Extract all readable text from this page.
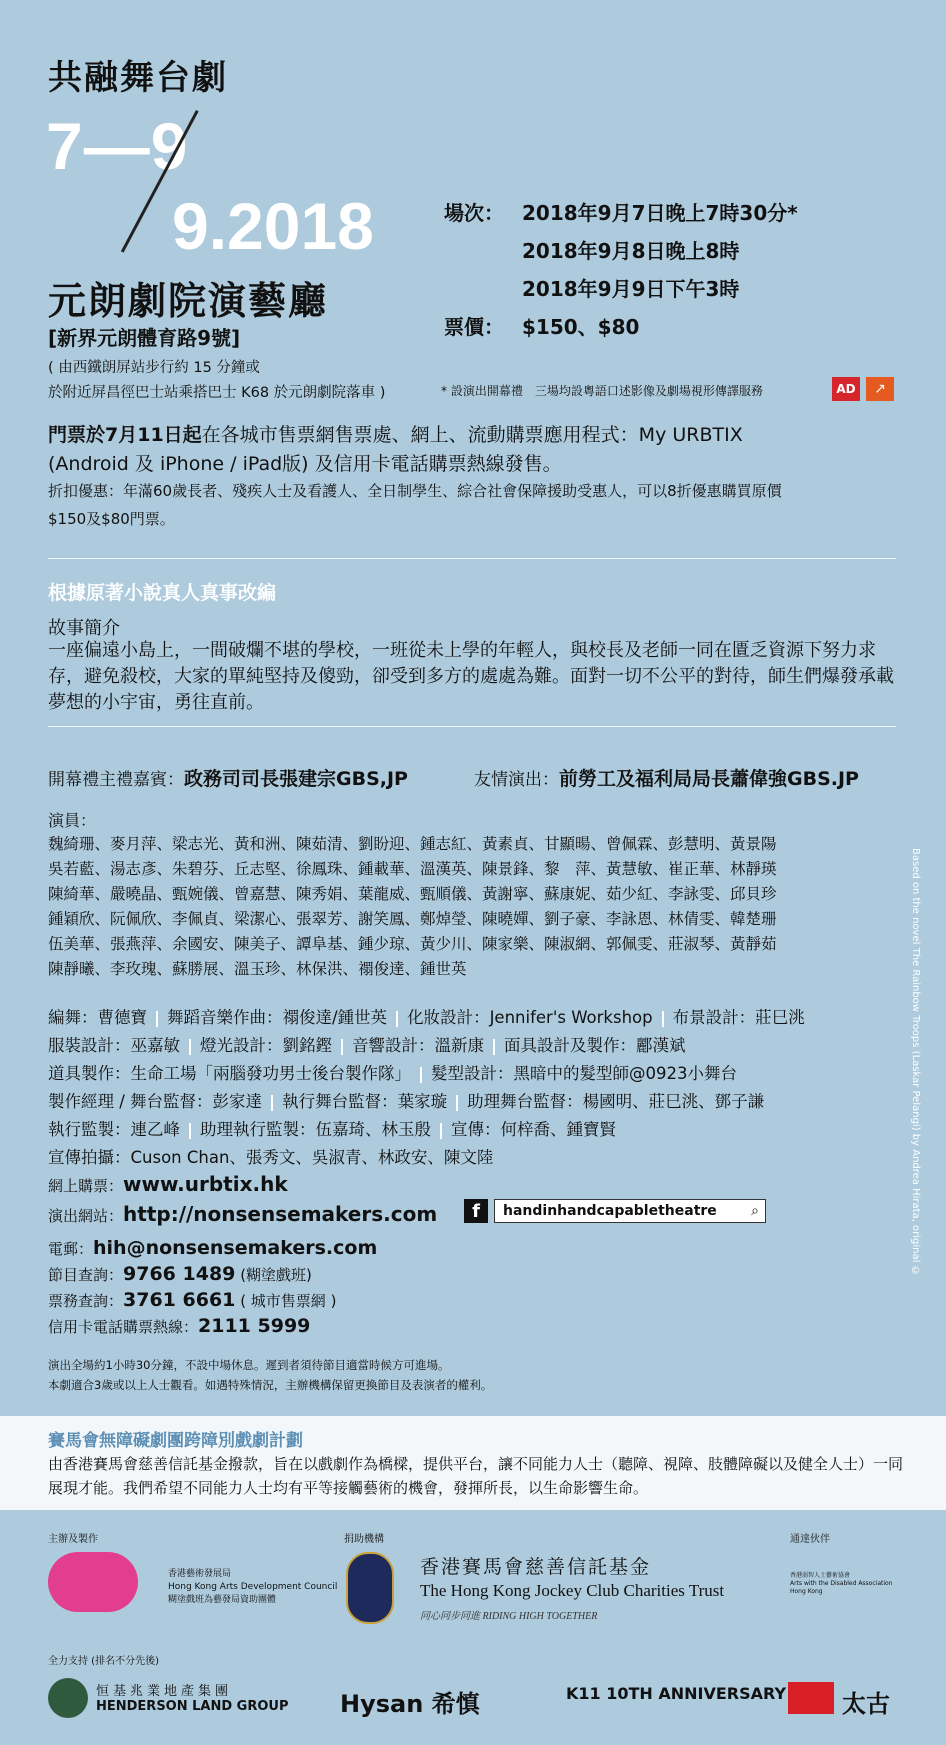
共融舞台劇
7—9
9.2018
元朗劇院演藝廳
[新界元朗體育路9號]
( 由西鐵朗屏站步行約 15 分鐘或
於附近屏昌徑巴士站乘搭巴士 K68 於元朗劇院落車 )
場次： 2018年9月7日晚上7時30分*
2018年9月8日晚上8時
2018年9月9日下午3時
票價： $150、$80
* 設演出開幕禮　三場均設粵語口述影像及劇場視形傳譯服務	AD	↗
門票於7月11日起在各城市售票網售票處、網上、流動購票應用程式：My URBTIX
(Android 及 iPhone / iPad版) 及信用卡電話購票熱線發售。
折扣優惠：年滿60歲長者、殘疾人士及看護人、全日制學生、綜合社會保障援助受惠人，可以8折優惠購買原價
$150及$80門票。
根據原著小說真人真事改編
故事簡介
一座偏遠小島上，一間破爛不堪的學校，一班從未上學的年輕人，與校長及老師一同在匱乏資源下努力求存，避免殺校，大家的單純堅持及傻勁，卻受到多方的處處為難。面對一切不公平的對待，師生們爆發承載夢想的小宇宙，勇往直前。
開幕禮主禮嘉賓：政務司司長張建宗GBS,JP	友情演出：前勞工及福利局局長蕭偉強GBS.JP
演員：
魏綺珊、麥月萍、梁志光、黃和洲、陳茹清、劉盼迎、鍾志紅、黃素貞、甘顯暘、曾佩霖、彭慧明、黃景陽
吳若藍、湯志彥、朱碧芬、丘志堅、徐鳳珠、鍾載華、溫漢英、陳景鋒、黎　萍、黃慧敏、崔正華、林靜瑛
陳綺華、嚴曉晶、甄婉儀、曾嘉慧、陳秀娟、葉龍威、甄順儀、黃謝寧、蘇康妮、茹少紅、李詠雯、邱貝珍
鍾穎欣、阮佩欣、李佩貞、梁潔心、張翠芳、謝笑鳳、鄭焯瑩、陳曉嬋、劉子豪、李詠恩、林倩雯、韓楚珊
伍美華、張燕萍、余國安、陳美子、譚阜基、鍾少琼、黃少川、陳家樂、陳淑網、郭佩雯、莊淑琴、黃靜茹
陳靜曦、李玫瑰、蘇勝展、溫玉珍、林保洪、禤俊達、鍾世英
編舞：曹德寶 舞蹈音樂作曲：禤俊達/鍾世英 化妝設計：Jennifer's Workshop 布景設計：莊巳洮
服裝設計：巫嘉敏 燈光設計：劉銘鏗 音響設計：溫新康 面具設計及製作：酈漢斌
道具製作：生命工場「兩腦發功男士後台製作隊」 髮型設計：黑暗中的髮型師@0923小舞台
製作經理 / 舞台監督：彭家達 執行舞台監督：葉家璇 助理舞台監督：楊國明、莊巳洮、鄧子謙
執行監製：連乙峰 助理執行監製：伍嘉琦、林玉殷 宣傳：何梓喬、鍾寶賢
宣傳拍攝：Cuson Chan、張秀文、吳淑青、林政安、陳文陸
網上購票：www.urbtix.hk
演出網站：http://nonsensemakers.com	f	handinhandcapabletheatre ⌕
電郵：hih@nonsensemakers.com
節目查詢：9766 1489 (糊塗戲班)
票務查詢：3761 6661 ( 城市售票網 )
信用卡電話購票熱線：2111 5999
演出全場約1小時30分鐘，不設中場休息。遲到者須待節目適當時候方可進場。
本劇適合3歲或以上人士觀看。如遇特殊情況，主辦機構保留更換節目及表演者的權利。
賽馬會無障礙劇團跨障別戲劇計劃
由香港賽馬會慈善信託基金撥款，旨在以戲劇作為橋樑，提供平台，讓不同能力人士（聽障、視障、肢體障礙以及健全人士）一同展現才能。我們希望不同能力人士均有平等接觸藝術的機會，發揮所長，以生命影響生命。
主辦及製作	捐助機構	通達伙伴
香港藝術發展局
Hong Kong Arts Development Council
糊塗戲班為藝發局資助團體
香港賽馬會慈善信託基金
The Hong Kong Jockey Club Charities Trust
同心同步同進 RIDING HIGH TOGETHER
香港弱智人士藝術協會
Arts with the Disabled Association Hong Kong
全力支持 (排名不分先後)
恒基兆業地產集團
HENDERSON LAND GROUP Hysan 希慎	K11 10TH ANNIVERSARY 太古
Based on the novel The Rainbow Troops (Laskar Pelangi) by Andrea Hirata, original ©
